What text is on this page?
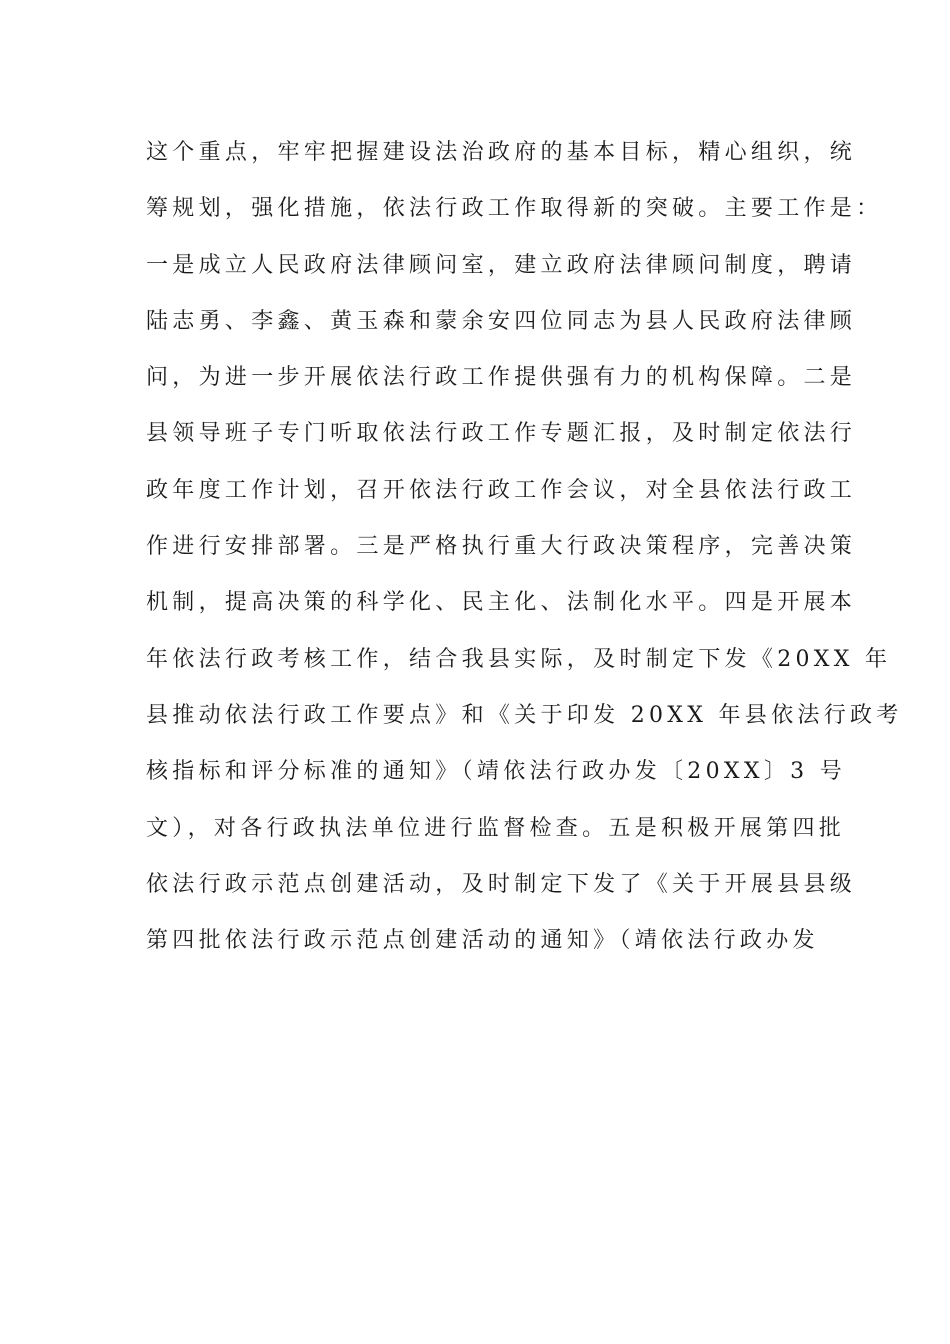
这个重点，牢牢把握建设法治政府的基本目标，精心组织，统
筹规划，强化措施，依法行政工作取得新的突破。主要工作是：
一是成立人民政府法律顾问室，建立政府法律顾问制度，聘请
陆志勇、李鑫、黄玉森和蒙余安四位同志为县人民政府法律顾
问，为进一步开展依法行政工作提供强有力的机构保障。二是
县领导班子专门听取依法行政工作专题汇报，及时制定依法行
政年度工作计划，召开依法行政工作会议，对全县依法行政工
作进行安排部署。三是严格执行重大行政决策程序，完善决策
机制，提高决策的科学化、民主化、法制化水平。四是开展本
年依法行政考核工作，结合我县实际，及时制定下发《20XX 年
县推动依法行政工作要点》和《关于印发 20XX 年县依法行政考
核指标和评分标准的通知》（靖依法行政办发〔20XX〕3 号
文），对各行政执法单位进行监督检查。五是积极开展第四批
依法行政示范点创建活动，及时制定下发了《关于开展县县级
第四批依法行政示范点创建活动的通知》（靖依法行政办发
